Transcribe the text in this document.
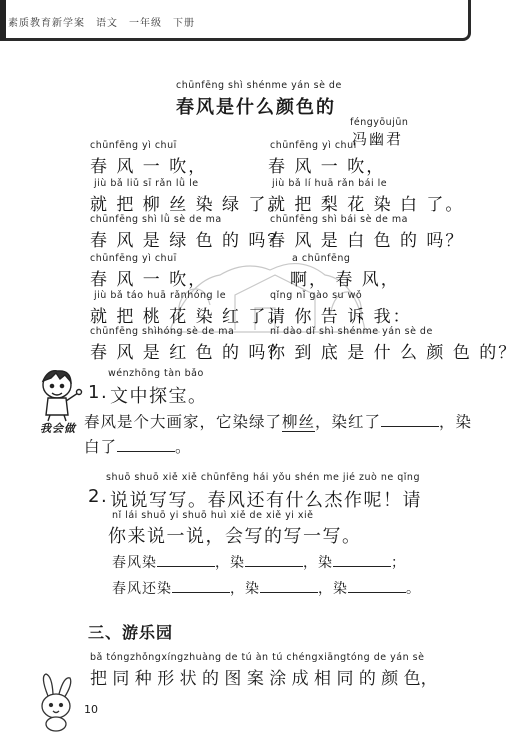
素质教育新学案　语文　一年级　下册
chūnfēng shì shénme yán sè de
春风是什么颜色的
féngyōujūn
冯幽君
chūnfēng yì chuī
春 风 一 吹，
jiù bǎ liǔ sī rǎn lǜ le
就 把 柳 丝 染 绿 了。
chūnfēng shì lǜ sè de ma
春 风 是 绿 色 的 吗？
chūnfēng yì chuī
春 风 一 吹，
jiù bǎ táo huā rǎnhóng le
就 把 桃 花 染 红 了。
chūnfēng shìhóng sè de ma
春 风 是 红 色 的 吗？
chūnfēng yì chuī
春 风 一 吹，
jiù bǎ lí huā rǎn bái le
就 把 梨 花 染 白 了。
chūnfēng shì bái sè de ma
春 风 是 白 色 的 吗？
a chūnfēng
啊， 春 风，
qǐng nǐ gào su wǒ
请 你 告 诉 我：
nǐ dào dǐ shì shénme yán sè de
你 到 底 是 什 么 颜 色 的？
我会做
wénzhōng tàn bǎo
1. 文中探宝。
春风是个大画家，它染绿了柳丝，染红了	，染
白了	。
shuō shuō xiě xiě chūnfēng hái yǒu shén me jié zuò ne qǐng
2. 说说写写。春风还有什么杰作呢！请
nǐ lái shuō yi shuō huì xiě de xiě yi xiě
你来说一说，会写的写一写。
春风染	，染	，染	；
春风还染	，染	，染	。
三、游乐园
bǎ tóngzhǒngxíngzhuàng de tú àn tú chéngxiāngtóng de yán sè
把 同 种 形 状 的 图 案 涂 成 相 同 的 颜 色，
10
